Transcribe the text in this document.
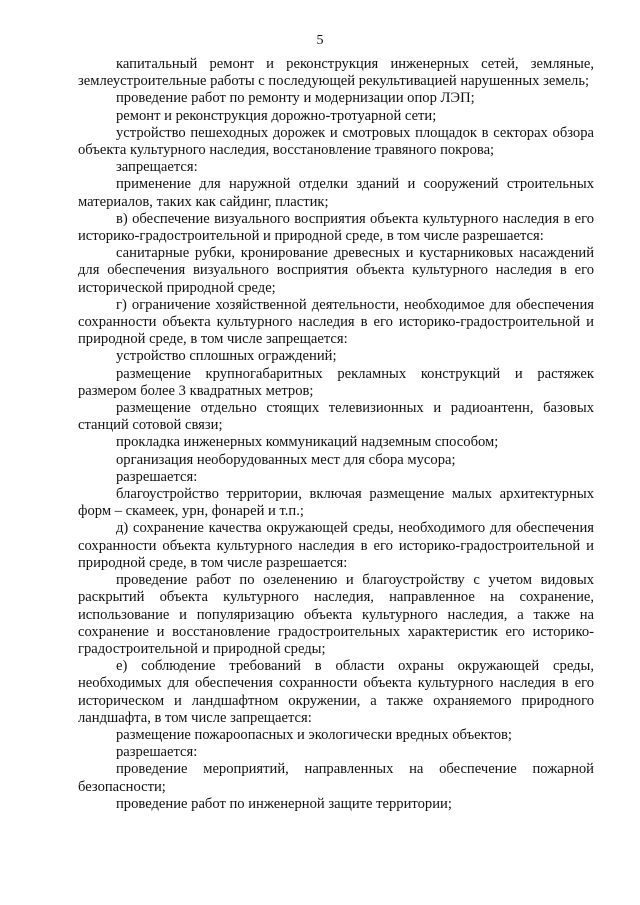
5

капитальный ремонт и реконструкция инженерных сетей, земляные, землеустроительные работы с последующей рекультивацией нарушенных земель;

проведение работ по ремонту и модернизации опор ЛЭП;

ремонт и реконструкция дорожно-тротуарной сети;

устройство пешеходных дорожек и смотровых площадок в секторах обзора объекта культурного наследия, восстановление травяного покрова;

запрещается:

применение для наружной отделки зданий и сооружений строительных материалов, таких как сайдинг, пластик;

в) обеспечение визуального восприятия объекта культурного наследия в его историко-градостроительной и природной среде, в том числе разрешается:

санитарные рубки, кронирование древесных и кустарниковых насаждений для обеспечения визуального восприятия объекта культурного наследия в его исторической природной среде;

г) ограничение хозяйственной деятельности, необходимое для обеспечения сохранности объекта культурного наследия в его историко-градостроительной и природной среде, в том числе запрещается:

устройство сплошных ограждений;

размещение крупногабаритных рекламных конструкций и растяжек размером более 3 квадратных метров;

размещение отдельно стоящих телевизионных и радиоантенн, базовых станций сотовой связи;

прокладка инженерных коммуникаций надземным способом;

организация необорудованных мест для сбора мусора;

разрешается:

благоустройство территории, включая размещение малых архитектурных форм – скамеек, урн, фонарей и т.п.;

д) сохранение качества окружающей среды, необходимого для обеспечения сохранности объекта культурного наследия в его историко-градостроительной и природной среде, в том числе разрешается:

проведение работ по озеленению и благоустройству с учетом видовых раскрытий объекта культурного наследия, направленное на сохранение, использование и популяризацию объекта культурного наследия, а также на сохранение и восстановление градостроительных характеристик его историко-градостроительной и природной среды;

е) соблюдение требований в области охраны окружающей среды, необходимых для обеспечения сохранности объекта культурного наследия в его историческом и ландшафтном окружении, а также охраняемого природного ландшафта, в том числе запрещается:

размещение пожароопасных и экологически вредных объектов;

разрешается:

проведение мероприятий, направленных на обеспечение пожарной безопасности;

проведение работ по инженерной защите территории;
